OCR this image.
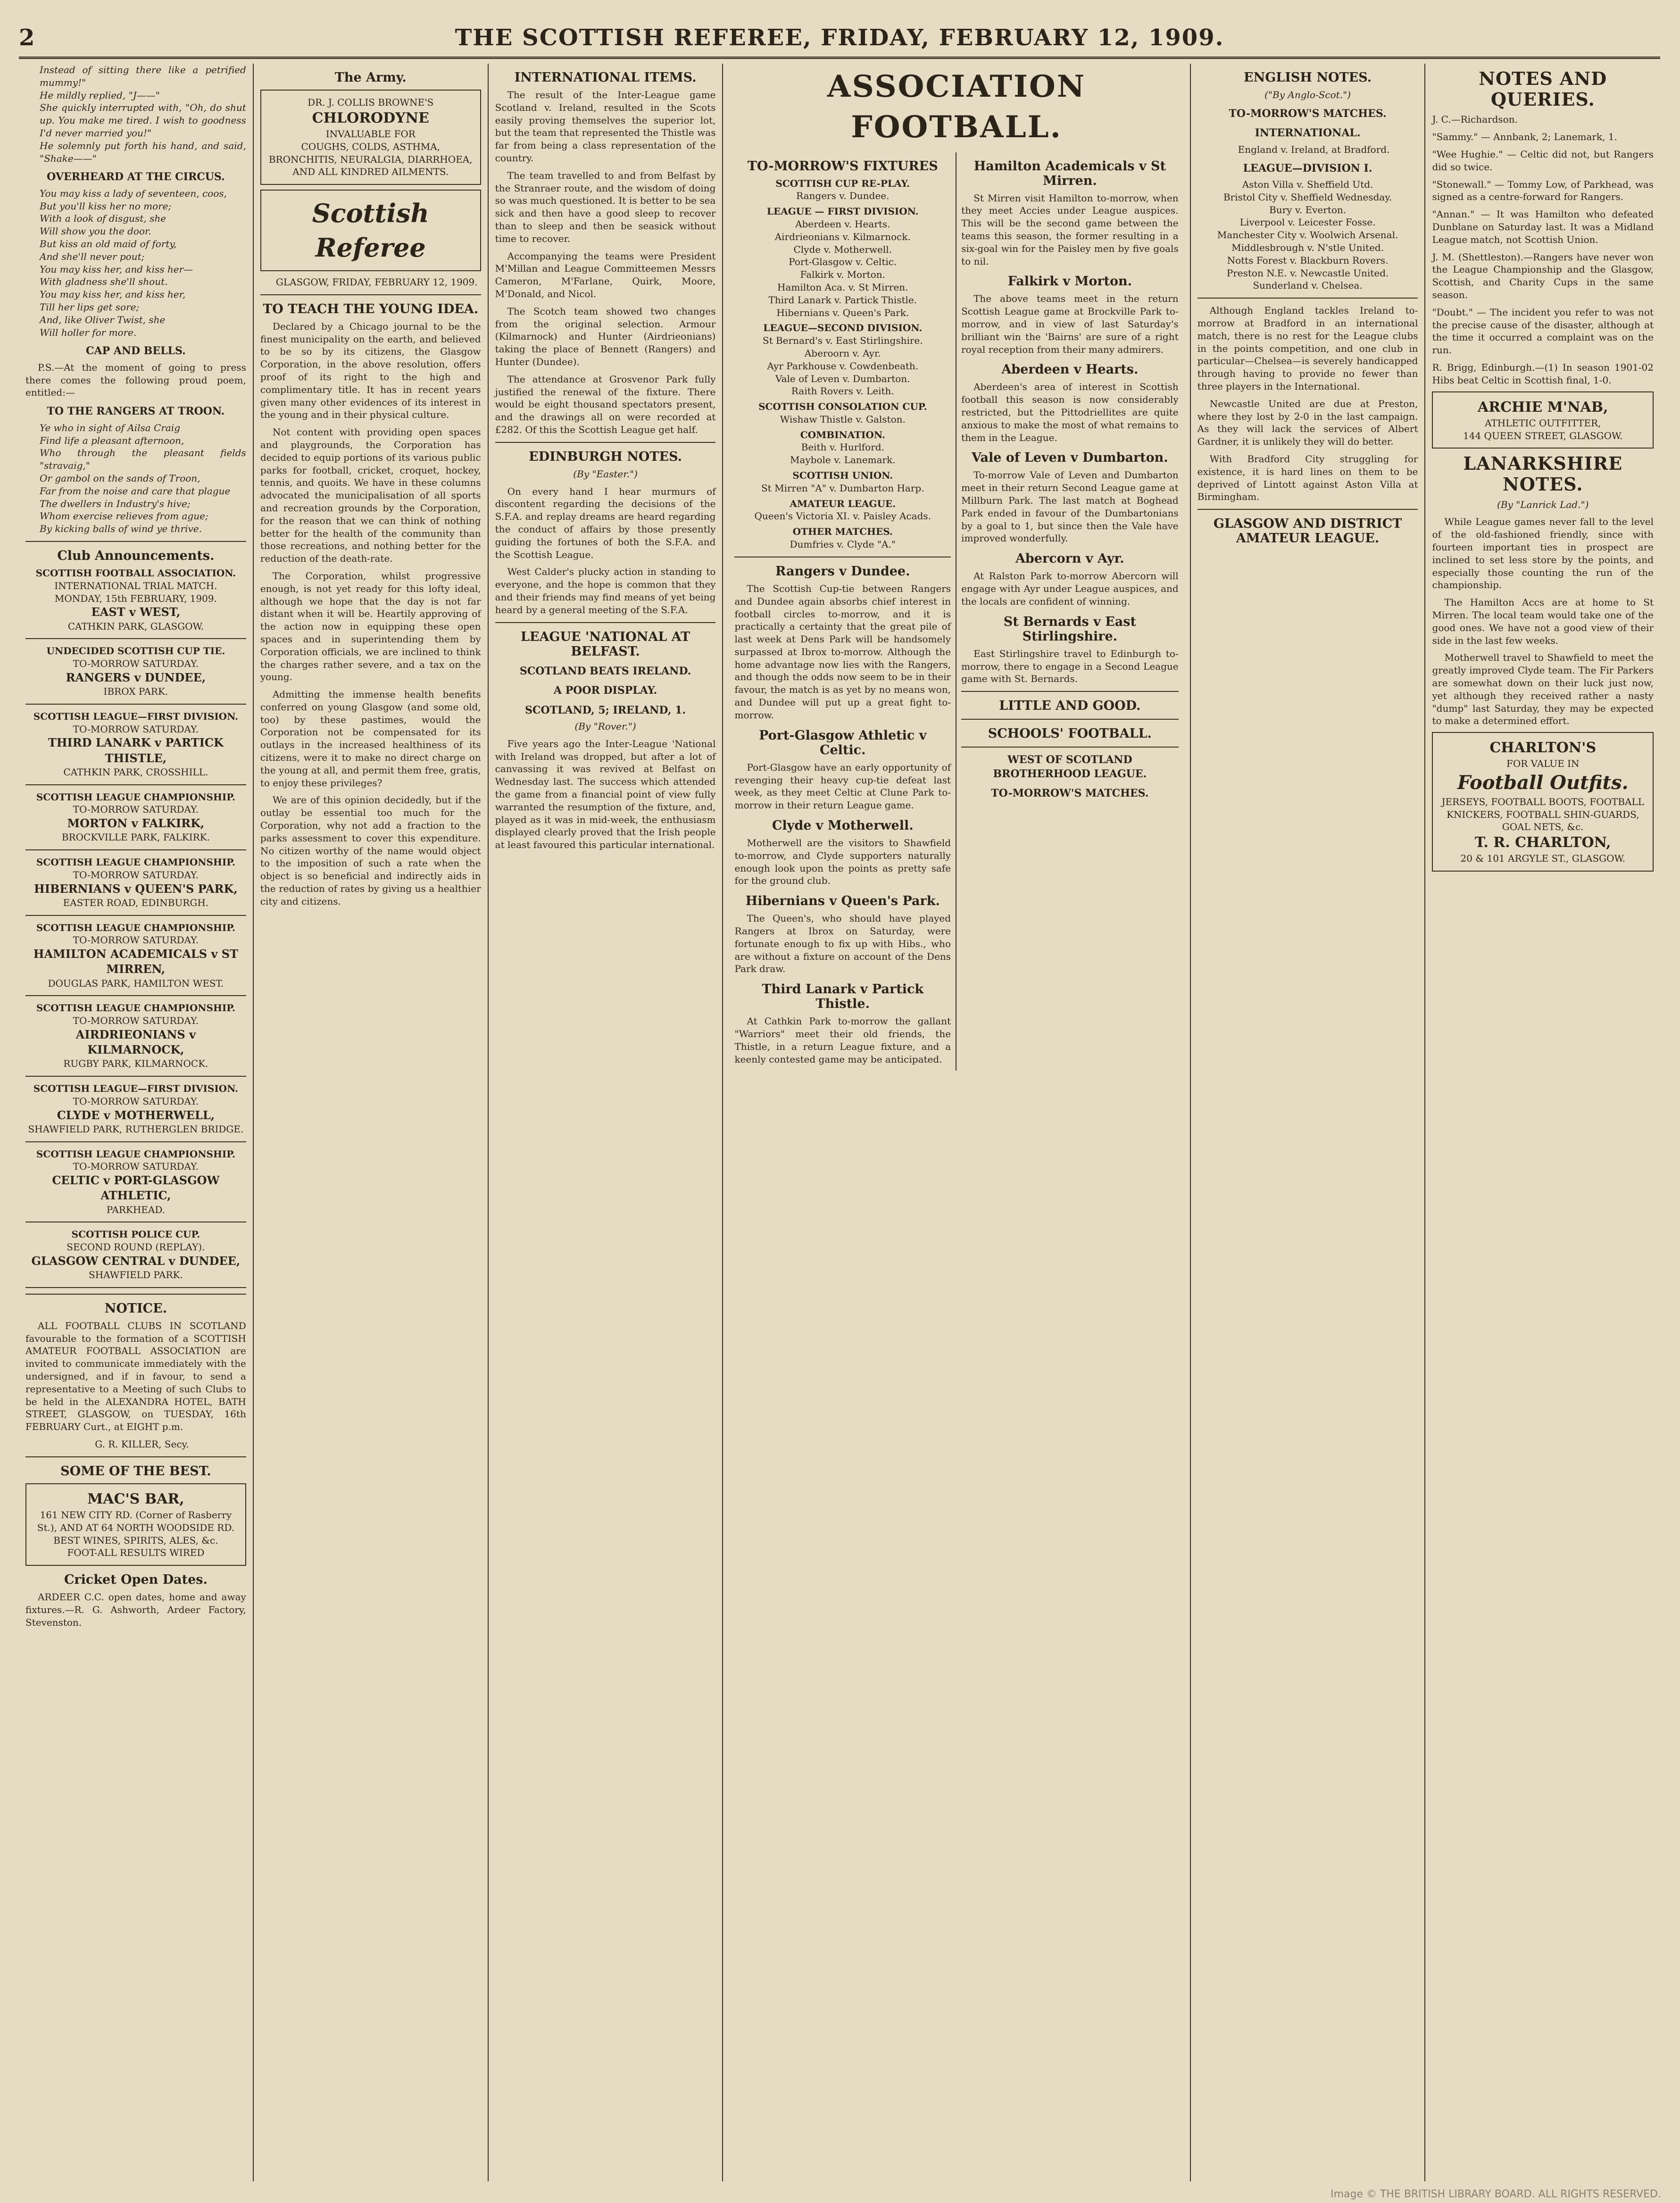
2	THE SCOTTISH REFEREE, FRIDAY, FEBRUARY 12, 1909.
Instead of sitting there like a petrified mummy!"
He mildly replied, "J——"
She quickly interrupted with, "Oh, do shut up. You make me tired. I wish to goodness I'd never married you!"
He solemnly put forth his hand, and said, "Shake——"
OVERHEARD AT THE CIRCUS.
You may kiss a lady of seventeen, coos,
But you'll kiss her no more;
With a look of disgust, she
Will show you the door.
But kiss an old maid of forty,
And she'll never pout;
You may kiss her, and kiss her—
With gladness she'll shout.
You may kiss her, and kiss her,
Till her lips get sore;
And, like Oliver Twist, she
Will holler for more.
CAP AND BELLS.

P.S.—At the moment of going to press there comes the following proud poem, entitled:—

TO THE RANGERS AT TROON.
Ye who in sight of Ailsa Craig
Find life a pleasant afternoon,
Who through the pleasant fields "stravaig,"
Or gambol on the sands of Troon,
Far from the noise and care that plague
The dwellers in Industry's hive;
Whom exercise relieves from ague;
By kicking balls of wind ye thrive.
Club Announcements.
SCOTTISH FOOTBALL ASSOCIATION.
INTERNATIONAL TRIAL MATCH.
MONDAY, 15th FEBRUARY, 1909.
EAST v WEST,
CATHKIN PARK, GLASGOW.
UNDECIDED SCOTTISH CUP TIE.
TO-MORROW SATURDAY.
RANGERS v DUNDEE,
IBROX PARK.
SCOTTISH LEAGUE—FIRST DIVISION.
TO-MORROW SATURDAY.
THIRD LANARK v PARTICK THISTLE,
CATHKIN PARK, CROSSHILL.
SCOTTISH LEAGUE CHAMPIONSHIP.
TO-MORROW SATURDAY.
MORTON v FALKIRK,
BROCKVILLE PARK, FALKIRK.
SCOTTISH LEAGUE CHAMPIONSHIP.
TO-MORROW SATURDAY.
HIBERNIANS v QUEEN'S PARK,
EASTER ROAD, EDINBURGH.
SCOTTISH LEAGUE CHAMPIONSHIP.
TO-MORROW SATURDAY.
HAMILTON ACADEMICALS v ST MIRREN,
DOUGLAS PARK, HAMILTON WEST.
SCOTTISH LEAGUE CHAMPIONSHIP.
TO-MORROW SATURDAY.
AIRDRIEONIANS v KILMARNOCK,
RUGBY PARK, KILMARNOCK.
SCOTTISH LEAGUE—FIRST DIVISION.
TO-MORROW SATURDAY.
CLYDE v MOTHERWELL,
SHAWFIELD PARK, RUTHERGLEN BRIDGE.
SCOTTISH LEAGUE CHAMPIONSHIP.
TO-MORROW SATURDAY.
CELTIC v PORT-GLASGOW ATHLETIC,
PARKHEAD.
SCOTTISH POLICE CUP.
SECOND ROUND (REPLAY).
GLASGOW CENTRAL v DUNDEE,
SHAWFIELD PARK.
NOTICE.

ALL FOOTBALL CLUBS IN SCOTLAND favourable to the formation of a SCOTTISH AMATEUR FOOTBALL ASSOCIATION are invited to communicate immediately with the undersigned, and if in favour, to send a representative to a Meeting of such Clubs to be held in the ALEXANDRA HOTEL, BATH STREET, GLASGOW, on TUESDAY, 16th FEBRUARY Curt., at EIGHT p.m.

G. R. KILLER, Secy.

SOME OF THE BEST.
MAC'S BAR,
161 NEW CITY RD. (Corner of Rasberry St.), AND AT 64 NORTH WOODSIDE RD.
BEST WINES, SPIRITS, ALES, &c.
FOOT-ALL RESULTS WIRED
Cricket Open Dates.

ARDEER C.C. open dates, home and away fixtures.—R. G. Ashworth, Ardeer Factory, Stevenston.

The Army.
DR. J. COLLIS BROWNE'S
CHLORODYNE
INVALUABLE FOR
COUGHS, COLDS, ASTHMA,
BRONCHITIS, NEURALGIA, DIARRHOEA,
AND ALL KINDRED AILMENTS.
Scottish Referee

GLASGOW, FRIDAY, FEBRUARY 12, 1909.

TO TEACH THE YOUNG IDEA.

Declared by a Chicago journal to be the finest municipality on the earth, and believed to be so by its citizens, the Glasgow Corporation, in the above resolution, offers proof of its right to the high and complimentary title. It has in recent years given many other evidences of its interest in the young and in their physical culture.

Not content with providing open spaces and playgrounds, the Corporation has decided to equip portions of its various public parks for football, cricket, croquet, hockey, tennis, and quoits. We have in these columns advocated the municipalisation of all sports and recreation grounds by the Corporation, for the reason that we can think of nothing better for the health of the community than those recreations, and nothing better for the reduction of the death-rate.

The Corporation, whilst progressive enough, is not yet ready for this lofty ideal, although we hope that the day is not far distant when it will be. Heartily approving of the action now in equipping these open spaces and in superintending them by Corporation officials, we are inclined to think the charges rather severe, and a tax on the young.

Admitting the immense health benefits conferred on young Glasgow (and some old, too) by these pastimes, would the Corporation not be compensated for its outlays in the increased healthiness of its citizens, were it to make no direct charge on the young at all, and permit them free, gratis, to enjoy these privileges?

We are of this opinion decidedly, but if the outlay be essential too much for the Corporation, why not add a fraction to the parks assessment to cover this expenditure. No citizen worthy of the name would object to the imposition of such a rate when the object is so beneficial and indirectly aids in the reduction of rates by giving us a healthier city and citizens.

INTERNATIONAL ITEMS.

The result of the Inter-League game Scotland v. Ireland, resulted in the Scots easily proving themselves the superior lot, but the team that represented the Thistle was far from being a class representation of the country.

The team travelled to and from Belfast by the Stranraer route, and the wisdom of doing so was much questioned. It is better to be sea sick and then have a good sleep to recover than to sleep and then be seasick without time to recover.

Accompanying the teams were President M'Millan and League Committeemen Messrs Cameron, M'Farlane, Quirk, Moore, M'Donald, and Nicol.

The Scotch team showed two changes from the original selection. Armour (Kilmarnock) and Hunter (Airdrieonians) taking the place of Bennett (Rangers) and Hunter (Dundee).

The attendance at Grosvenor Park fully justified the renewal of the fixture. There would be eight thousand spectators present, and the drawings all on were recorded at £282. Of this the Scottish League get half.

EDINBURGH NOTES.
(By "Easter.")

On every hand I hear murmurs of discontent regarding the decisions of the S.F.A. and replay dreams are heard regarding the conduct of affairs by those presently guiding the fortunes of both the S.F.A. and the Scottish League.

West Calder's plucky action in standing to everyone, and the hope is common that they and their friends may find means of yet being heard by a general meeting of the S.F.A.

LEAGUE 'NATIONAL AT BELFAST.
SCOTLAND BEATS IRELAND.
A POOR DISPLAY.
SCOTLAND, 5; IRELAND, 1.
(By "Rover.")

Five years ago the Inter-League 'National with Ireland was dropped, but after a lot of canvassing it was revived at Belfast on Wednesday last. The success which attended the game from a financial point of view fully warranted the resumption of the fixture, and, played as it was in mid-week, the enthusiasm displayed clearly proved that the Irish people at least favoured this particular international.

ASSOCIATION FOOTBALL.
TO-MORROW'S FIXTURES
SCOTTISH CUP RE-PLAY.
Rangers v. Dundee.
LEAGUE — FIRST DIVISION.
Aberdeen v. Hearts.
Airdrieonians v. Kilmarnock.
Clyde v. Motherwell.
Port-Glasgow v. Celtic.
Falkirk v. Morton.
Hamilton Aca. v. St Mirren.
Third Lanark v. Partick Thistle.
Hibernians v. Queen's Park.
LEAGUE—SECOND DIVISION.
St Bernard's v. East Stirlingshire.
Aberoorn v. Ayr.
Ayr Parkhouse v. Cowdenbeath.
Vale of Leven v. Dumbarton.
Raith Rovers v. Leith.
SCOTTISH CONSOLATION CUP.
Wishaw Thistle v. Galston.
COMBINATION.
Beith v. Hurlford.
Maybole v. Lanemark.
SCOTTISH UNION.
St Mirren "A" v. Dumbarton Harp.
AMATEUR LEAGUE.
Queen's Victoria XI. v. Paisley Acads.
OTHER MATCHES.
Dumfries v. Clyde "A."
Rangers v Dundee.

The Scottish Cup-tie between Rangers and Dundee again absorbs chief interest in football circles to-morrow, and it is practically a certainty that the great pile of last week at Dens Park will be handsomely surpassed at Ibrox to-morrow. Although the home advantage now lies with the Rangers, and though the odds now seem to be in their favour, the match is as yet by no means won, and Dundee will put up a great fight to-morrow.

Port-Glasgow Athletic v Celtic.

Port-Glasgow have an early opportunity of revenging their heavy cup-tie defeat last week, as they meet Celtic at Clune Park to-morrow in their return League game.

Clyde v Motherwell.

Motherwell are the visitors to Shawfield to-morrow, and Clyde supporters naturally enough look upon the points as pretty safe for the ground club.

Hibernians v Queen's Park.

The Queen's, who should have played Rangers at Ibrox on Saturday, were fortunate enough to fix up with Hibs., who are without a fixture on account of the Dens Park draw.

Third Lanark v Partick Thistle.

At Cathkin Park to-morrow the gallant "Warriors" meet their old friends, the Thistle, in a return League fixture, and a keenly contested game may be anticipated.

Hamilton Academicals v St Mirren.

St Mirren visit Hamilton to-morrow, when they meet Accies under League auspices. This will be the second game between the teams this season, the former resulting in a six-goal win for the Paisley men by five goals to nil.

Falkirk v Morton.

The above teams meet in the return Scottish League game at Brockville Park to-morrow, and in view of last Saturday's brilliant win the 'Bairns' are sure of a right royal reception from their many admirers.

Aberdeen v Hearts.

Aberdeen's area of interest in Scottish football this season is now considerably restricted, but the Pittodriellites are quite anxious to make the most of what remains to them in the League.

Vale of Leven v Dumbarton.

To-morrow Vale of Leven and Dumbarton meet in their return Second League game at Millburn Park. The last match at Boghead Park ended in favour of the Dumbartonians by a goal to 1, but since then the Vale have improved wonderfully.

Abercorn v Ayr.

At Ralston Park to-morrow Abercorn will engage with Ayr under League auspices, and the locals are confident of winning.

St Bernards v East Stirlingshire.

East Stirlingshire travel to Edinburgh to-morrow, there to engage in a Second League game with St. Bernards.

LITTLE AND GOOD.
SCHOOLS' FOOTBALL.
WEST OF SCOTLAND BROTHERHOOD LEAGUE.
TO-MORROW'S MATCHES.
ENGLISH NOTES.
("By Anglo-Scot.")
TO-MORROW'S MATCHES.
INTERNATIONAL.

England v. Ireland, at Bradford.

LEAGUE—DIVISION I.
Aston Villa v. Sheffield Utd.
Bristol City v. Sheffield Wednesday.
Bury v. Everton.
Liverpool v. Leicester Fosse.
Manchester City v. Woolwich Arsenal.
Middlesbrough v. N'stle United.
Notts Forest v. Blackburn Rovers.
Preston N.E. v. Newcastle United.
Sunderland v. Chelsea.

Although England tackles Ireland to-morrow at Bradford in an international match, there is no rest for the League clubs in the points competition, and one club in particular—Chelsea—is severely handicapped through having to provide no fewer than three players in the International.

Newcastle United are due at Preston, where they lost by 2-0 in the last campaign. As they will lack the services of Albert Gardner, it is unlikely they will do better.

With Bradford City struggling for existence, it is hard lines on them to be deprived of Lintott against Aston Villa at Birmingham.

GLASGOW AND DISTRICT AMATEUR LEAGUE.
NOTES AND QUERIES.

J. C.—Richardson.

"Sammy." — Annbank, 2; Lanemark, 1.

"Wee Hughie." — Celtic did not, but Rangers did so twice.

"Stonewall." — Tommy Low, of Parkhead, was signed as a centre-forward for Rangers.

"Annan." — It was Hamilton who defeated Dunblane on Saturday last. It was a Midland League match, not Scottish Union.

J. M. (Shettleston).—Rangers have never won the League Championship and the Glasgow, Scottish, and Charity Cups in the same season.

"Doubt." — The incident you refer to was not the precise cause of the disaster, although at the time it occurred a complaint was on the run.

R. Brigg, Edinburgh.—(1) In season 1901-02 Hibs beat Celtic in Scottish final, 1-0.

ARCHIE M'NAB,
ATHLETIC OUTFITTER,
144 QUEEN STREET, GLASGOW.
LANARKSHIRE NOTES.
(By "Lanrick Lad.")

While League games never fall to the level of the old-fashioned friendly, since with fourteen important ties in prospect are inclined to set less store by the points, and especially those counting the run of the championship.

The Hamilton Accs are at home to St Mirren. The local team would take one of the good ones. We have not a good view of their side in the last few weeks.

Motherwell travel to Shawfield to meet the greatly improved Clyde team. The Fir Parkers are somewhat down on their luck just now, yet although they received rather a nasty "dump" last Saturday, they may be expected to make a determined effort.

CHARLTON'S
FOR VALUE IN
Football Outfits.
JERSEYS, FOOTBALL BOOTS, FOOTBALL KNICKERS, FOOTBALL SHIN-GUARDS, GOAL NETS, &c.
T. R. CHARLTON,
20 & 101 ARGYLE ST., GLASGOW.
Image © THE BRITISH LIBRARY BOARD. ALL RIGHTS RESERVED.
